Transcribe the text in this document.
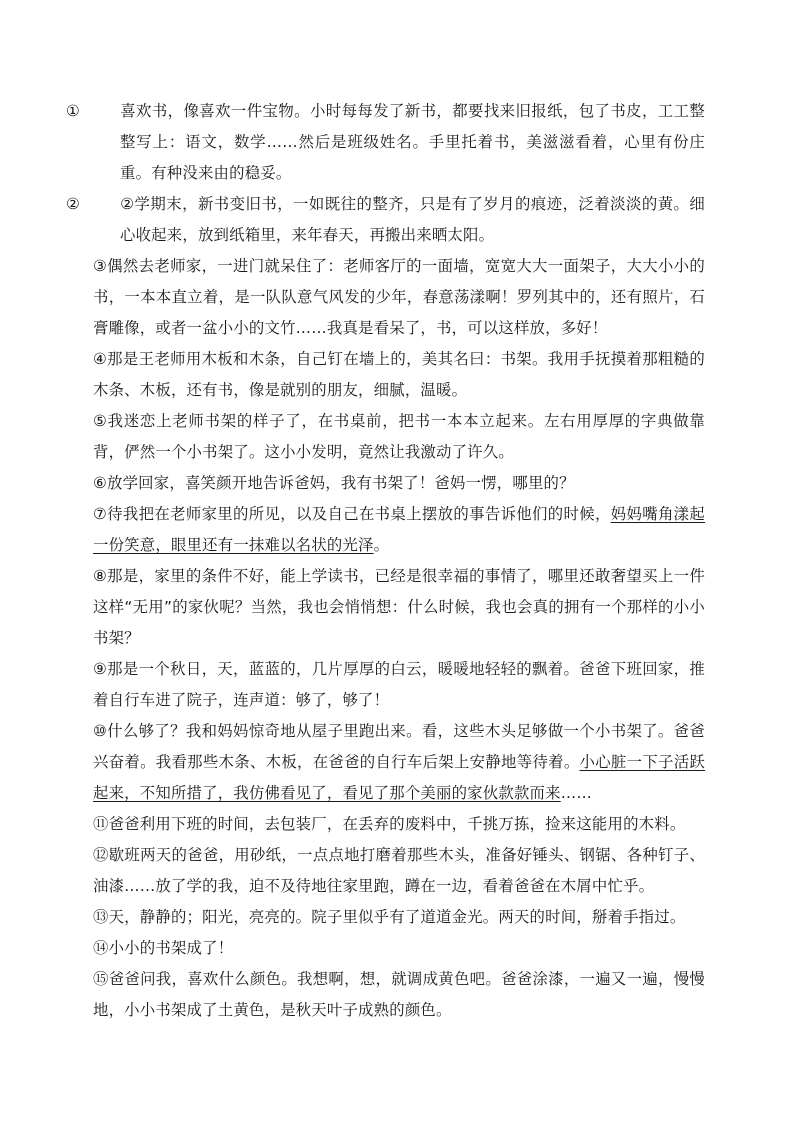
①	喜欢书，像喜欢一件宝物。小时每每发了新书，都要找来旧报纸，包了书皮，工工整整写上：语文，数学……然后是班级姓名。手里托着书，美滋滋看着，心里有份庄重。有种没来由的稳妥。

②	②学期末，新书变旧书，一如既往的整齐，只是有了岁月的痕迹，泛着淡淡的黄。细心收起来，放到纸箱里，来年春天，再搬出来晒太阳。

③偶然去老师家，一进门就呆住了：老师客厅的一面墙，宽宽大大一面架子，大大小小的书，一本本直立着，是一队队意气风发的少年，春意荡漾啊！罗列其中的，还有照片，石膏雕像，或者一盆小小的文竹……我真是看呆了，书，可以这样放，多好！

④那是王老师用木板和木条，自己钉在墙上的，美其名曰：书架。我用手抚摸着那粗糙的木条、木板，还有书，像是就别的朋友，细腻，温暖。

⑤我迷恋上老师书架的样子了，在书桌前，把书一本本立起来。左右用厚厚的字典做靠背，俨然一个小书架了。这小小发明，竟然让我激动了许久。

⑥放学回家，喜笑颜开地告诉爸妈，我有书架了！爸妈一愣，哪里的？

⑦待我把在老师家里的所见，以及自己在书桌上摆放的事告诉他们的时候，妈妈嘴角漾起一份笑意，眼里还有一抹难以名状的光泽。

⑧那是，家里的条件不好，能上学读书，已经是很幸福的事情了，哪里还敢奢望买上一件这样“无用”的家伙呢？当然，我也会悄悄想：什么时候，我也会真的拥有一个那样的小小书架？

⑨那是一个秋日，天，蓝蓝的，几片厚厚的白云，暖暖地轻轻的飘着。爸爸下班回家，推着自行车进了院子，连声道：够了，够了！

⑩什么够了？我和妈妈惊奇地从屋子里跑出来。看，这些木头足够做一个小书架了。爸爸兴奋着。我看那些木条、木板，在爸爸的自行车后架上安静地等待着。小心脏一下子活跃起来，不知所措了，我仿佛看见了，看见了那个美丽的家伙款款而来……

⑪爸爸利用下班的时间，去包装厂，在丢弃的废料中，千挑万拣，捡来这能用的木料。

⑫歇班两天的爸爸，用砂纸，一点点地打磨着那些木头，准备好锤头、钢锯、各种钉子、油漆……放了学的我，迫不及待地往家里跑，蹲在一边，看着爸爸在木屑中忙乎。

⑬天，静静的；阳光，亮亮的。院子里似乎有了道道金光。两天的时间，掰着手指过。

⑭小小的书架成了！

⑮爸爸问我，喜欢什么颜色。我想啊，想，就调成黄色吧。爸爸涂漆，一遍又一遍，慢慢地，小小书架成了土黄色，是秋天叶子成熟的颜色。
